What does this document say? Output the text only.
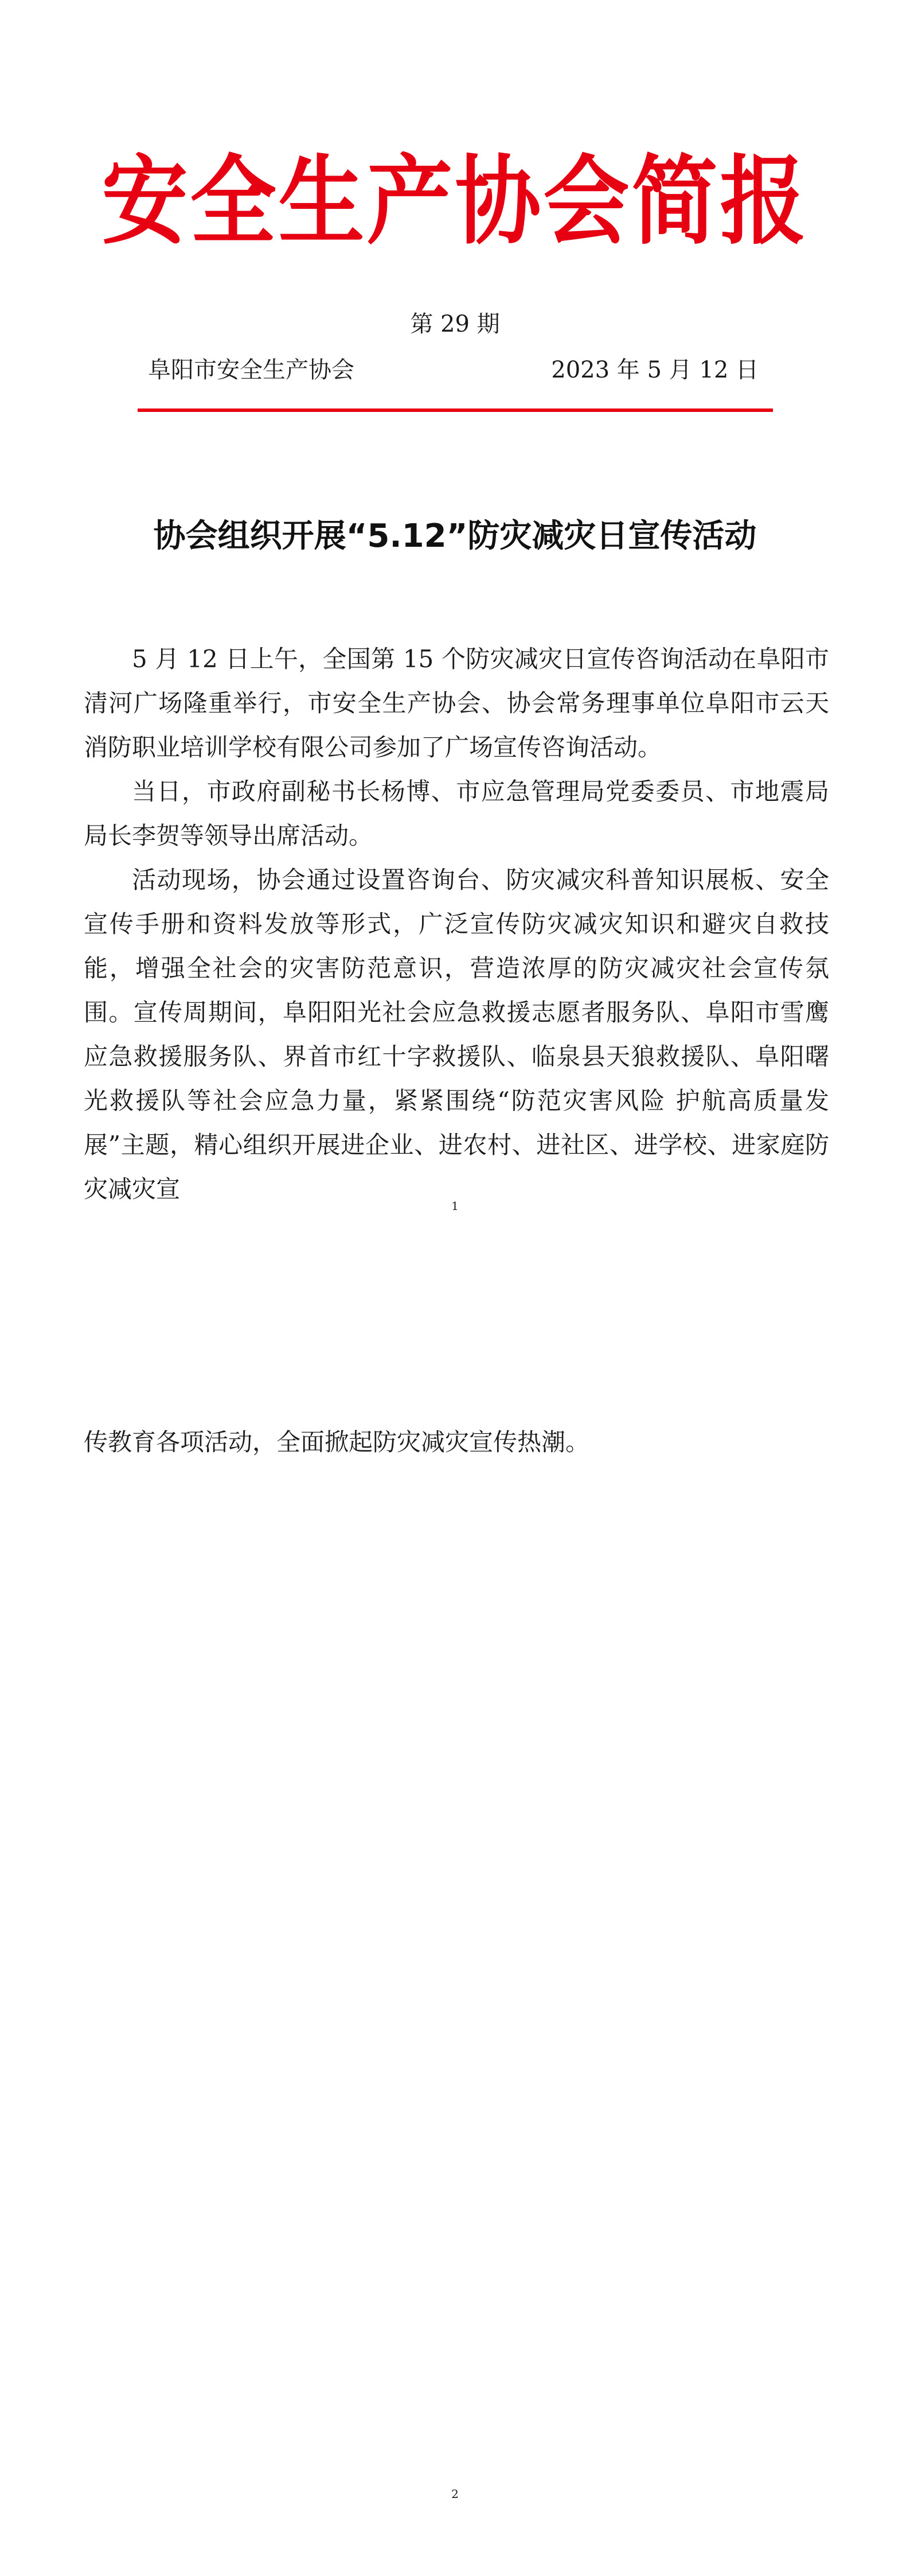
安全生产协会简报
第 29 期
阜阳市安全生产协会	2023 年 5 月 12 日
协会组织开展“5.12”防灾减灾日宣传活动

5 月 12 日上午，全国第 15 个防灾减灾日宣传咨询活动在阜阳市清河广场隆重举行，市安全生产协会、协会常务理事单位阜阳市云天消防职业培训学校有限公司参加了广场宣传咨询活动。

当日，市政府副秘书长杨博、市应急管理局党委委员、市地震局局长李贺等领导出席活动。

活动现场，协会通过设置咨询台、防灾减灾科普知识展板、安全宣传手册和资料发放等形式，广泛宣传防灾减灾知识和避灾自救技能，增强全社会的灾害防范意识，营造浓厚的防灾减灾社会宣传氛围。宣传周期间，阜阳阳光社会应急救援志愿者服务队、阜阳市雪鹰应急救援服务队、界首市红十字救援队、临泉县天狼救援队、阜阳曙光救援队等社会应急力量，紧紧围绕“防范灾害风险 护航高质量发展”主题，精心组织开展进企业、进农村、进社区、进学校、进家庭防灾减灾宣

1
传教育各项活动，全面掀起防灾减灾宣传热潮。
2
